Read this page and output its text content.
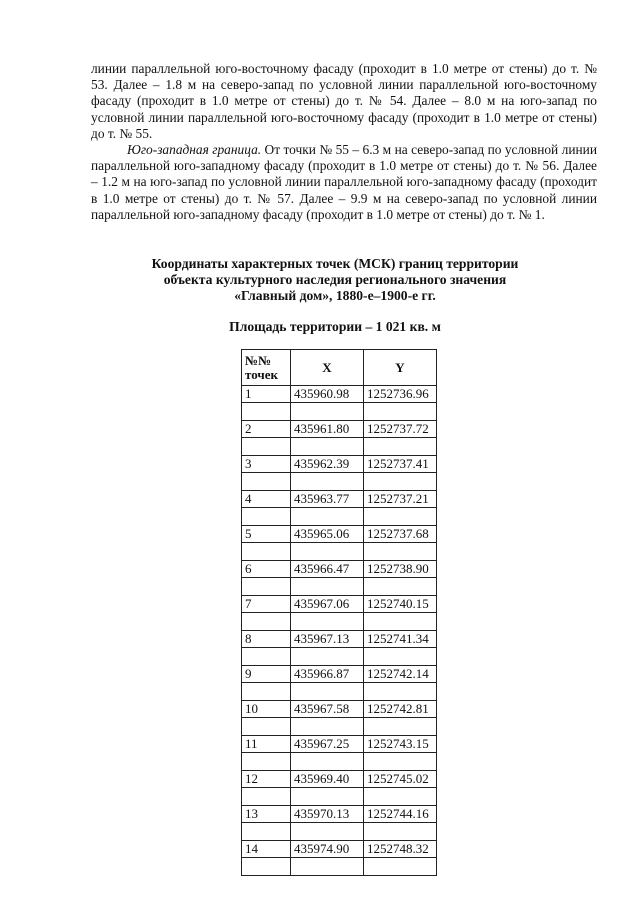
линии параллельной юго-восточному фасаду (проходит в 1.0 метре от стены) до т. № 53. Далее – 1.8 м на северо-запад по условной линии параллельной юго-восточному фасаду (проходит в 1.0 метре от стены) до т. № 54. Далее – 8.0 м на юго-запад по условной линии параллельной юго-восточному фасаду (проходит в 1.0 метре от стены) до т. № 55.

Юго-западная граница. От точки № 55 – 6.3 м на северо-запад по условной линии параллельной юго-западному фасаду (проходит в 1.0 метре от стены) до т. № 56. Далее – 1.2 м на юго-запад по условной линии параллельной юго-западному фасаду (проходит в 1.0 метре от стены) до т. № 57. Далее – 9.9 м на северо-запад по условной линии параллельной юго-западному фасаду (проходит в 1.0 метре от стены) до т. № 1.

Координаты характерных точек (МСК) границ территории
объекта культурного наследия регионального значения
«Главный дом», 1880-е–1900-е гг.
Площадь территории – 1 021 кв. м
№№
точек	X	Y
1	435960.98	1252736.96

2	435961.80	1252737.72

3	435962.39	1252737.41

4	435963.77	1252737.21

5	435965.06	1252737.68

6	435966.47	1252738.90

7	435967.06	1252740.15

8	435967.13	1252741.34

9	435966.87	1252742.14

10	435967.58	1252742.81

11	435967.25	1252743.15

12	435969.40	1252745.02

13	435970.13	1252744.16

14	435974.90	1252748.32
